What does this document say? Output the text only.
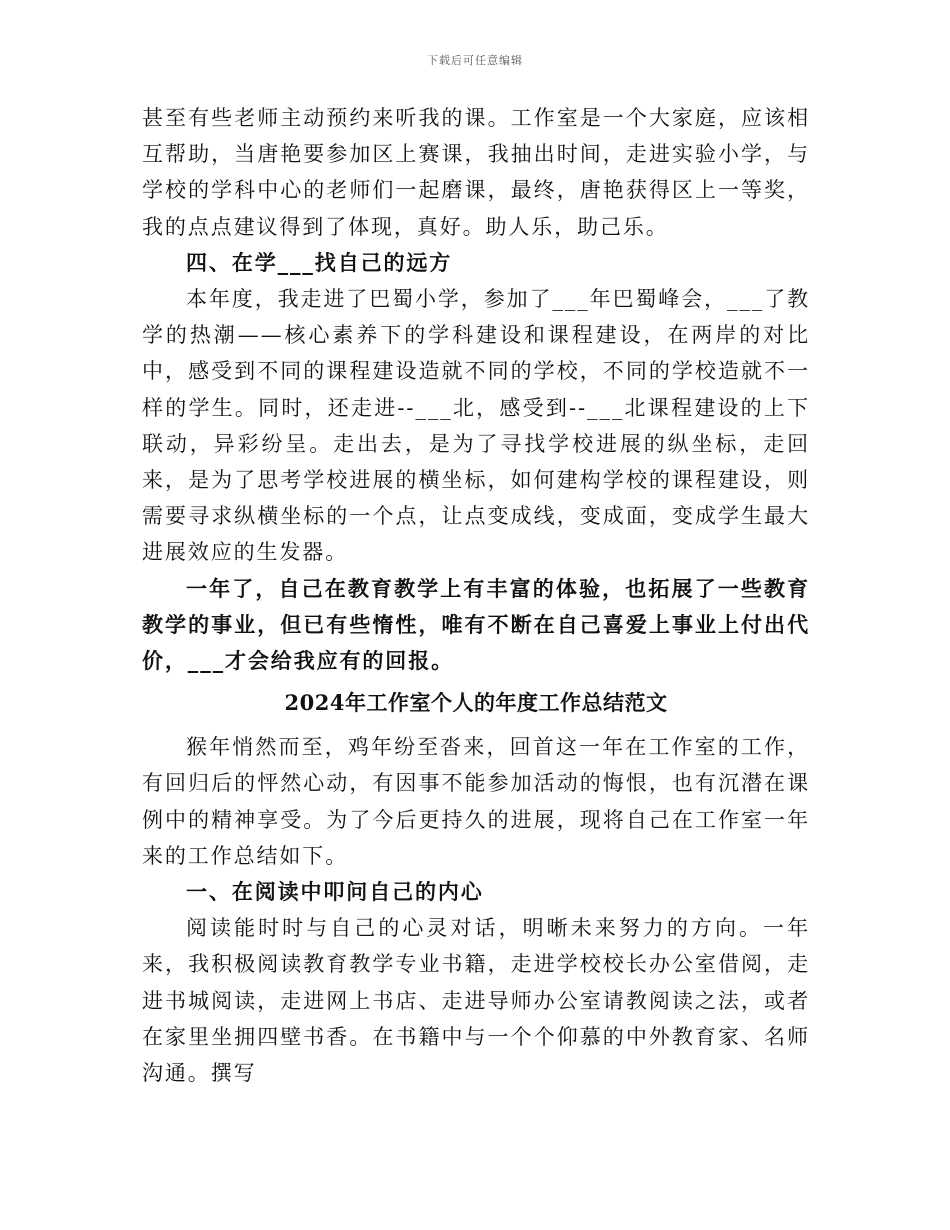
下载后可任意编辑

甚至有些老师主动预约来听我的课。工作室是一个大家庭，应该相互帮助，当唐艳要参加区上赛课，我抽出时间，走进实验小学，与学校的学科中心的老师们一起磨课，最终，唐艳获得区上一等奖，我的点点建议得到了体现，真好。助人乐，助己乐。

四、在学___找自己的远方

本年度，我走进了巴蜀小学，参加了___年巴蜀峰会，___了教学的热潮——核心素养下的学科建设和课程建设，在两岸的对比中，感受到不同的课程建设造就不同的学校，不同的学校造就不一样的学生。同时，还走进--___北，感受到--___北课程建设的上下联动，异彩纷呈。走出去，是为了寻找学校进展的纵坐标，走回来，是为了思考学校进展的横坐标，如何建构学校的课程建设，则需要寻求纵横坐标的一个点，让点变成线，变成面，变成学生最大进展效应的生发器。

一年了，自己在教育教学上有丰富的体验，也拓展了一些教育教学的事业，但已有些惰性，唯有不断在自己喜爱上事业上付出代价，___才会给我应有的回报。

2024年工作室个人的年度工作总结范文

猴年悄然而至，鸡年纷至沓来，回首这一年在工作室的工作，有回归后的怦然心动，有因事不能参加活动的悔恨，也有沉潜在课例中的精神享受。为了今后更持久的进展，现将自己在工作室一年来的工作总结如下。

一、在阅读中叩问自己的内心

阅读能时时与自己的心灵对话，明晰未来努力的方向。一年来，我积极阅读教育教学专业书籍，走进学校校长办公室借阅，走进书城阅读，走进网上书店、走进导师办公室请教阅读之法，或者在家里坐拥四壁书香。在书籍中与一个个仰慕的中外教育家、名师沟通。撰写
